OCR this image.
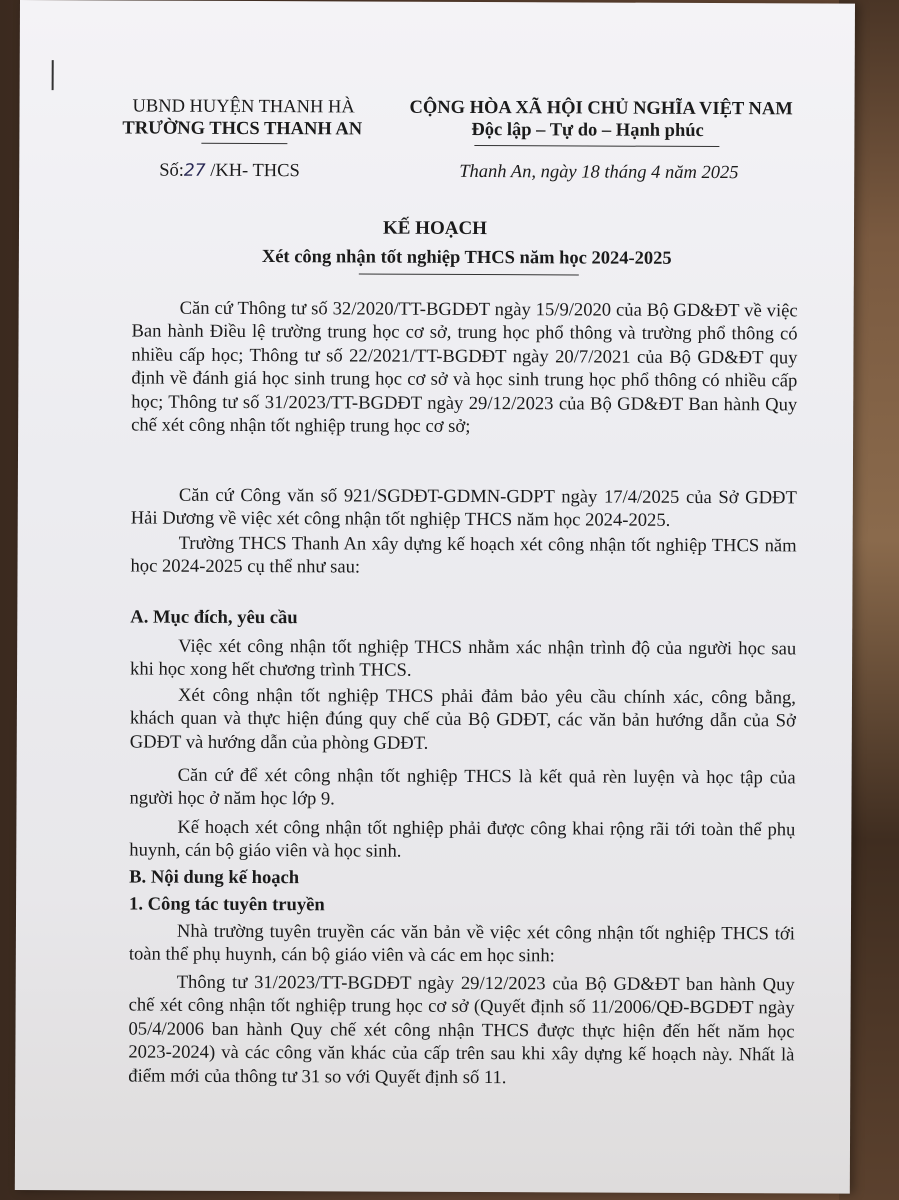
UBND HUYỆN THANH HÀ
TRƯỜNG THCS THANH AN
Số:27 /KH- THCS
CỘNG HÒA XÃ HỘI CHỦ NGHĨA VIỆT NAM
Độc lập – Tự do – Hạnh phúc
Thanh An, ngày 18 tháng 4 năm 2025
KẾ HOẠCH
Xét công nhận tốt nghiệp THCS năm học 2024-2025
Căn cứ Thông tư số 32/2020/TT-BGDĐT ngày 15/9/2020 của Bộ GD&ĐT về việc Ban hành Điều lệ trường trung học cơ sở, trung học phổ thông và trường phổ thông có nhiều cấp học; Thông tư số 22/2021/TT-BGDĐT ngày 20/7/2021 của Bộ GD&ĐT quy định về đánh giá học sinh trung học cơ sở và học sinh trung học phổ thông có nhiều cấp học; Thông tư số 31/2023/TT-BGDĐT ngày 29/12/2023 của Bộ GD&ĐT Ban hành Quy chế xét công nhận tốt nghiệp trung học cơ sở;
Căn cứ Công văn số 921/SGDĐT-GDMN-GDPT ngày 17/4/2025 của Sở GDĐT Hải Dương về việc xét công nhận tốt nghiệp THCS năm học 2024-2025.
Trường THCS Thanh An xây dựng kế hoạch xét công nhận tốt nghiệp THCS năm học 2024-2025 cụ thể như sau:
A. Mục đích, yêu cầu
Việc xét công nhận tốt nghiệp THCS nhằm xác nhận trình độ của người học sau khi học xong hết chương trình THCS.
Xét công nhận tốt nghiệp THCS phải đảm bảo yêu cầu chính xác, công bằng, khách quan và thực hiện đúng quy chế của Bộ GDĐT, các văn bản hướng dẫn của Sở GDĐT và hướng dẫn của phòng GDĐT.
Căn cứ để xét công nhận tốt nghiệp THCS là kết quả rèn luyện và học tập của người học ở năm học lớp 9.
Kế hoạch xét công nhận tốt nghiệp phải được công khai rộng rãi tới toàn thể phụ huynh, cán bộ giáo viên và học sinh.
B. Nội dung kế hoạch
1. Công tác tuyên truyền
Nhà trường tuyên truyền các văn bản về việc xét công nhận tốt nghiệp THCS tới toàn thể phụ huynh, cán bộ giáo viên và các em học sinh:
Thông tư 31/2023/TT-BGDĐT ngày 29/12/2023 của Bộ GD&ĐT ban hành Quy chế xét công nhận tốt nghiệp trung học cơ sở (Quyết định số 11/2006/QĐ-BGDĐT ngày 05/4/2006 ban hành Quy chế xét công nhận THCS được thực hiện đến hết năm học 2023-2024) và các công văn khác của cấp trên sau khi xây dựng kế hoạch này. Nhất là điểm mới của thông tư 31 so với Quyết định số 11.
